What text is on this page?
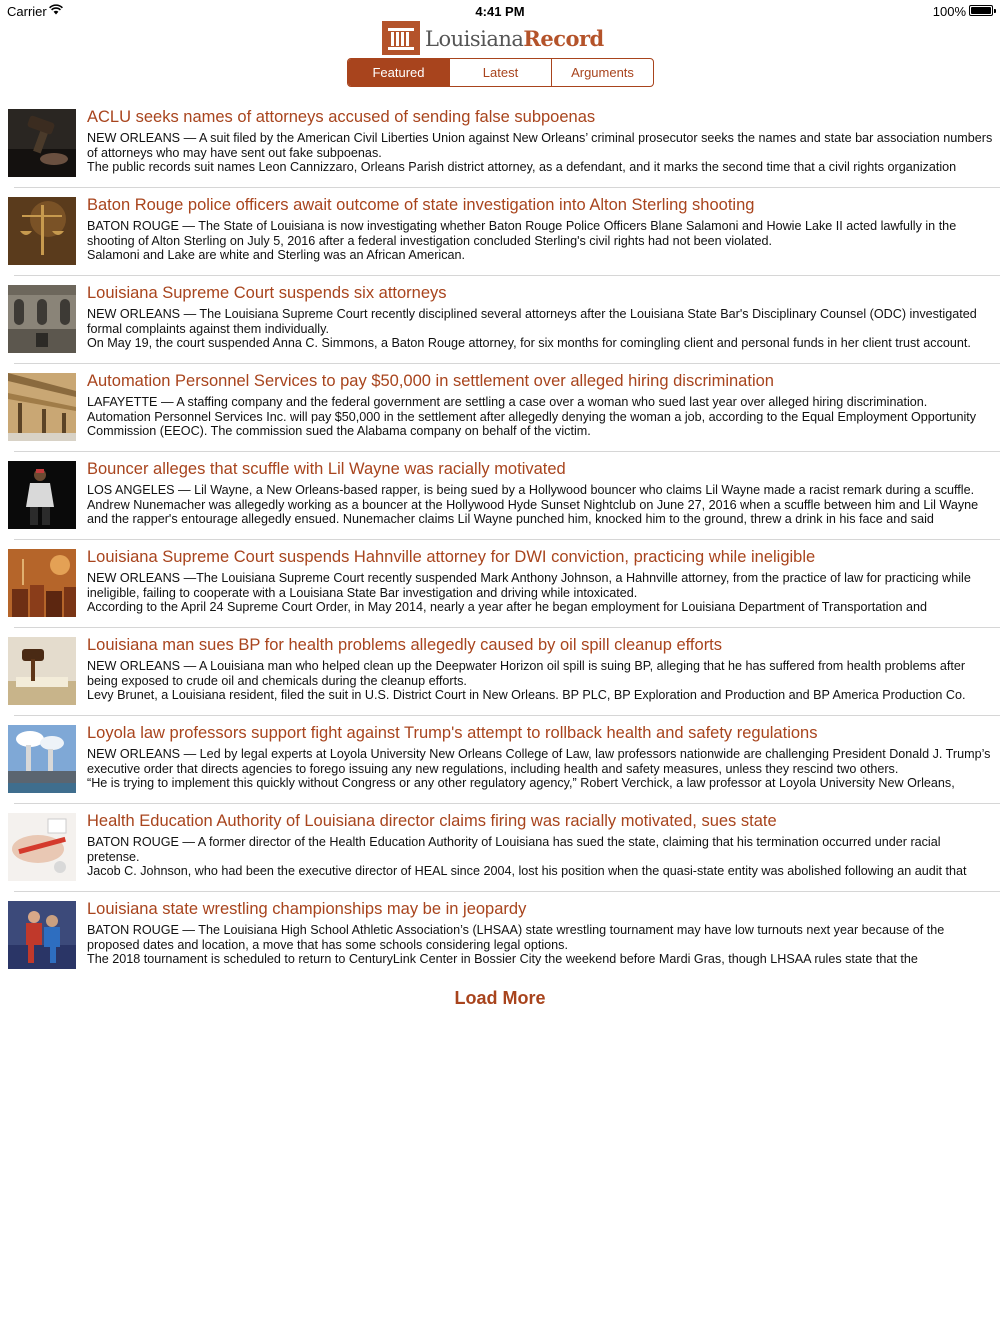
Carrier	4:41 PM	100%
LouisianaRecord
Featured	Latest	Arguments
ACLU seeks names of attorneys accused of sending false subpoenas

NEW ORLEANS — A suit filed by the American Civil Liberties Union against New Orleans’ criminal prosecutor seeks the names and state bar association numbers of attorneys who may have sent out fake subpoenas.

The public records suit names Leon Cannizzaro, Orleans Parish district attorney, as a defendant, and it marks the second time that a civil rights organization

Baton Rouge police officers await outcome of state investigation into Alton Sterling shooting

BATON ROUGE — The State of Louisiana is now investigating whether Baton Rouge Police Officers Blane Salamoni and Howie Lake II acted lawfully in the shooting of Alton Sterling on July 5, 2016 after a federal investigation concluded Sterling's civil rights had not been violated.

Salamoni and Lake are white and Sterling was an African American.

Louisiana Supreme Court suspends six attorneys

NEW ORLEANS — The Louisiana Supreme Court recently disciplined several attorneys after the Louisiana State Bar's Disciplinary Counsel (ODC) investigated formal complaints against them individually.

On May 19, the court suspended Anna C. Simmons, a Baton Rouge attorney, for six months for comingling client and personal funds in her client trust account.

Automation Personnel Services to pay $50,000 in settlement over alleged hiring discrimination

LAFAYETTE — A staffing company and the federal government are settling a case over a woman who sued last year over alleged hiring discrimination.

Automation Personnel Services Inc. will pay $50,000 in the settlement after allegedly denying the woman a job, according to the Equal Employment Opportunity Commission (EEOC). The commission sued the Alabama company on behalf of the victim.

Bouncer alleges that scuffle with Lil Wayne was racially motivated

LOS ANGELES — Lil Wayne, a New Orleans-based rapper, is being sued by a Hollywood bouncer who claims Lil Wayne made a racist remark during a scuffle.

Andrew Nunemacher was allegedly working as a bouncer at the Hollywood Hyde Sunset Nightclub on June 27, 2016 when a scuffle between him and Lil Wayne and the rapper's entourage allegedly ensued. Nunemacher claims Lil Wayne punched him, knocked him to the ground, threw a drink in his face and said

Louisiana Supreme Court suspends Hahnville attorney for DWI conviction, practicing while ineligible

NEW ORLEANS —The Louisiana Supreme Court recently suspended Mark Anthony Johnson, a Hahnville attorney, from the practice of law for practicing while ineligible, failing to cooperate with a Louisiana State Bar investigation and driving while intoxicated.

According to the April 24 Supreme Court Order, in May 2014, nearly a year after he began employment for Louisiana Department of Transportation and

Louisiana man sues BP for health problems allegedly caused by oil spill cleanup efforts

NEW ORLEANS — A Louisiana man who helped clean up the Deepwater Horizon oil spill is suing BP, alleging that he has suffered from health problems after being exposed to crude oil and chemicals during the cleanup efforts.

Levy Brunet, a Louisiana resident, filed the suit in U.S. District Court in New Orleans. BP PLC, BP Exploration and Production and BP America Production Co.

Loyola law professors support fight against Trump's attempt to rollback health and safety regulations

NEW ORLEANS — Led by legal experts at Loyola University New Orleans College of Law, law professors nationwide are challenging President Donald J. Trump’s executive order that directs agencies to forego issuing any new regulations, including health and safety measures, unless they rescind two others.

“He is trying to implement this quickly without Congress or any other regulatory agency,” Robert Verchick, a law professor at Loyola University New Orleans,

Health Education Authority of Louisiana director claims firing was racially motivated, sues state

BATON ROUGE — A former director of the Health Education Authority of Louisiana has sued the state, claiming that his termination occurred under racial pretense.

Jacob C. Johnson, who had been the executive director of HEAL since 2004, lost his position when the quasi-state entity was abolished following an audit that

Louisiana state wrestling championships may be in jeopardy

BATON ROUGE — The Louisiana High School Athletic Association’s (LHSAA) state wrestling tournament may have low turnouts next year because of the proposed dates and location, a move that has some schools considering legal options.

The 2018 tournament is scheduled to return to CenturyLink Center in Bossier City the weekend before Mardi Gras, though LHSAA rules state that the

Load More
